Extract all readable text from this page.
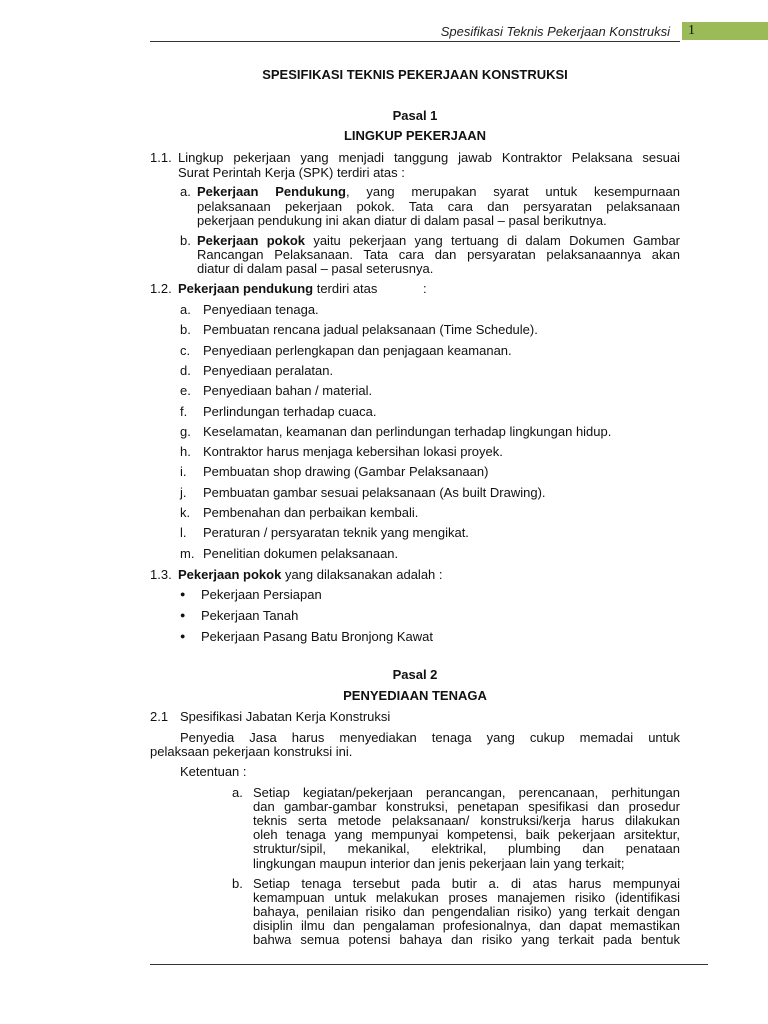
Spesifikasi Teknis Pekerjaan Konstruksi	1
SPESIFIKASI TEKNIS PEKERJAAN KONSTRUKSI
Pasal 1
LINGKUP PEKERJAAN
1.1. Lingkup pekerjaan yang menjadi tanggung jawab Kontraktor Pelaksana sesuai
Surat Perintah Kerja (SPK) terdiri atas :
a. Pekerjaan Pendukung, yang merupakan syarat untuk kesempurnaan
pelaksanaan pekerjaan pokok. Tata cara dan persyaratan pelaksanaan
pekerjaan pendukung ini akan diatur di dalam pasal – pasal berikutnya.
b. Pekerjaan pokok yaitu pekerjaan yang tertuang di dalam Dokumen Gambar
Rancangan Pelaksanaan. Tata cara dan persyaratan pelaksanaannya akan
diatur di dalam pasal – pasal seterusnya.
1.2. Pekerjaan pendukung terdiri atas	:
a. Penyediaan tenaga.
b. Pembuatan rencana jadual pelaksanaan (Time Schedule).
c. Penyediaan perlengkapan dan penjagaan keamanan.
d. Penyediaan peralatan.
e. Penyediaan bahan / material.
f. Perlindungan terhadap cuaca.
g. Keselamatan, keamanan dan perlindungan terhadap lingkungan hidup.
h. Kontraktor harus menjaga kebersihan lokasi proyek.
i. Pembuatan shop drawing (Gambar Pelaksanaan)
j. Pembuatan gambar sesuai pelaksanaan (As built Drawing).
k. Pembenahan dan perbaikan kembali.
l. Peraturan / persyaratan teknik yang mengikat.
m. Penelitian dokumen pelaksanaan.
1.3. Pekerjaan pokok yang dilaksanakan adalah :
● Pekerjaan Persiapan
● Pekerjaan Tanah
● Pekerjaan Pasang Batu Bronjong Kawat
Pasal 2
PENYEDIAAN TENAGA
2.1 Spesifikasi Jabatan Kerja Konstruksi
Penyedia Jasa harus menyediakan tenaga yang cukup memadai untuk
pelaksaan pekerjaan konstruksi ini.
Ketentuan :
a. Setiap kegiatan/pekerjaan perancangan, perencanaan, perhitungan
dan gambar-gambar konstruksi, penetapan spesifikasi dan prosedur
teknis serta metode pelaksanaan/ konstruksi/kerja harus dilakukan
oleh tenaga yang mempunyai kompetensi, baik pekerjaan arsitektur,
struktur/sipil, mekanikal, elektrikal, plumbing dan penataan
lingkungan maupun interior dan jenis pekerjaan lain yang terkait;
b. Setiap tenaga tersebut pada butir a. di atas harus mempunyai
kemampuan untuk melakukan proses manajemen risiko (identifikasi
bahaya, penilaian risiko dan pengendalian risiko) yang terkait dengan
disiplin ilmu dan pengalaman profesionalnya, dan dapat memastikan
bahwa semua potensi bahaya dan risiko yang terkait pada bentuk
